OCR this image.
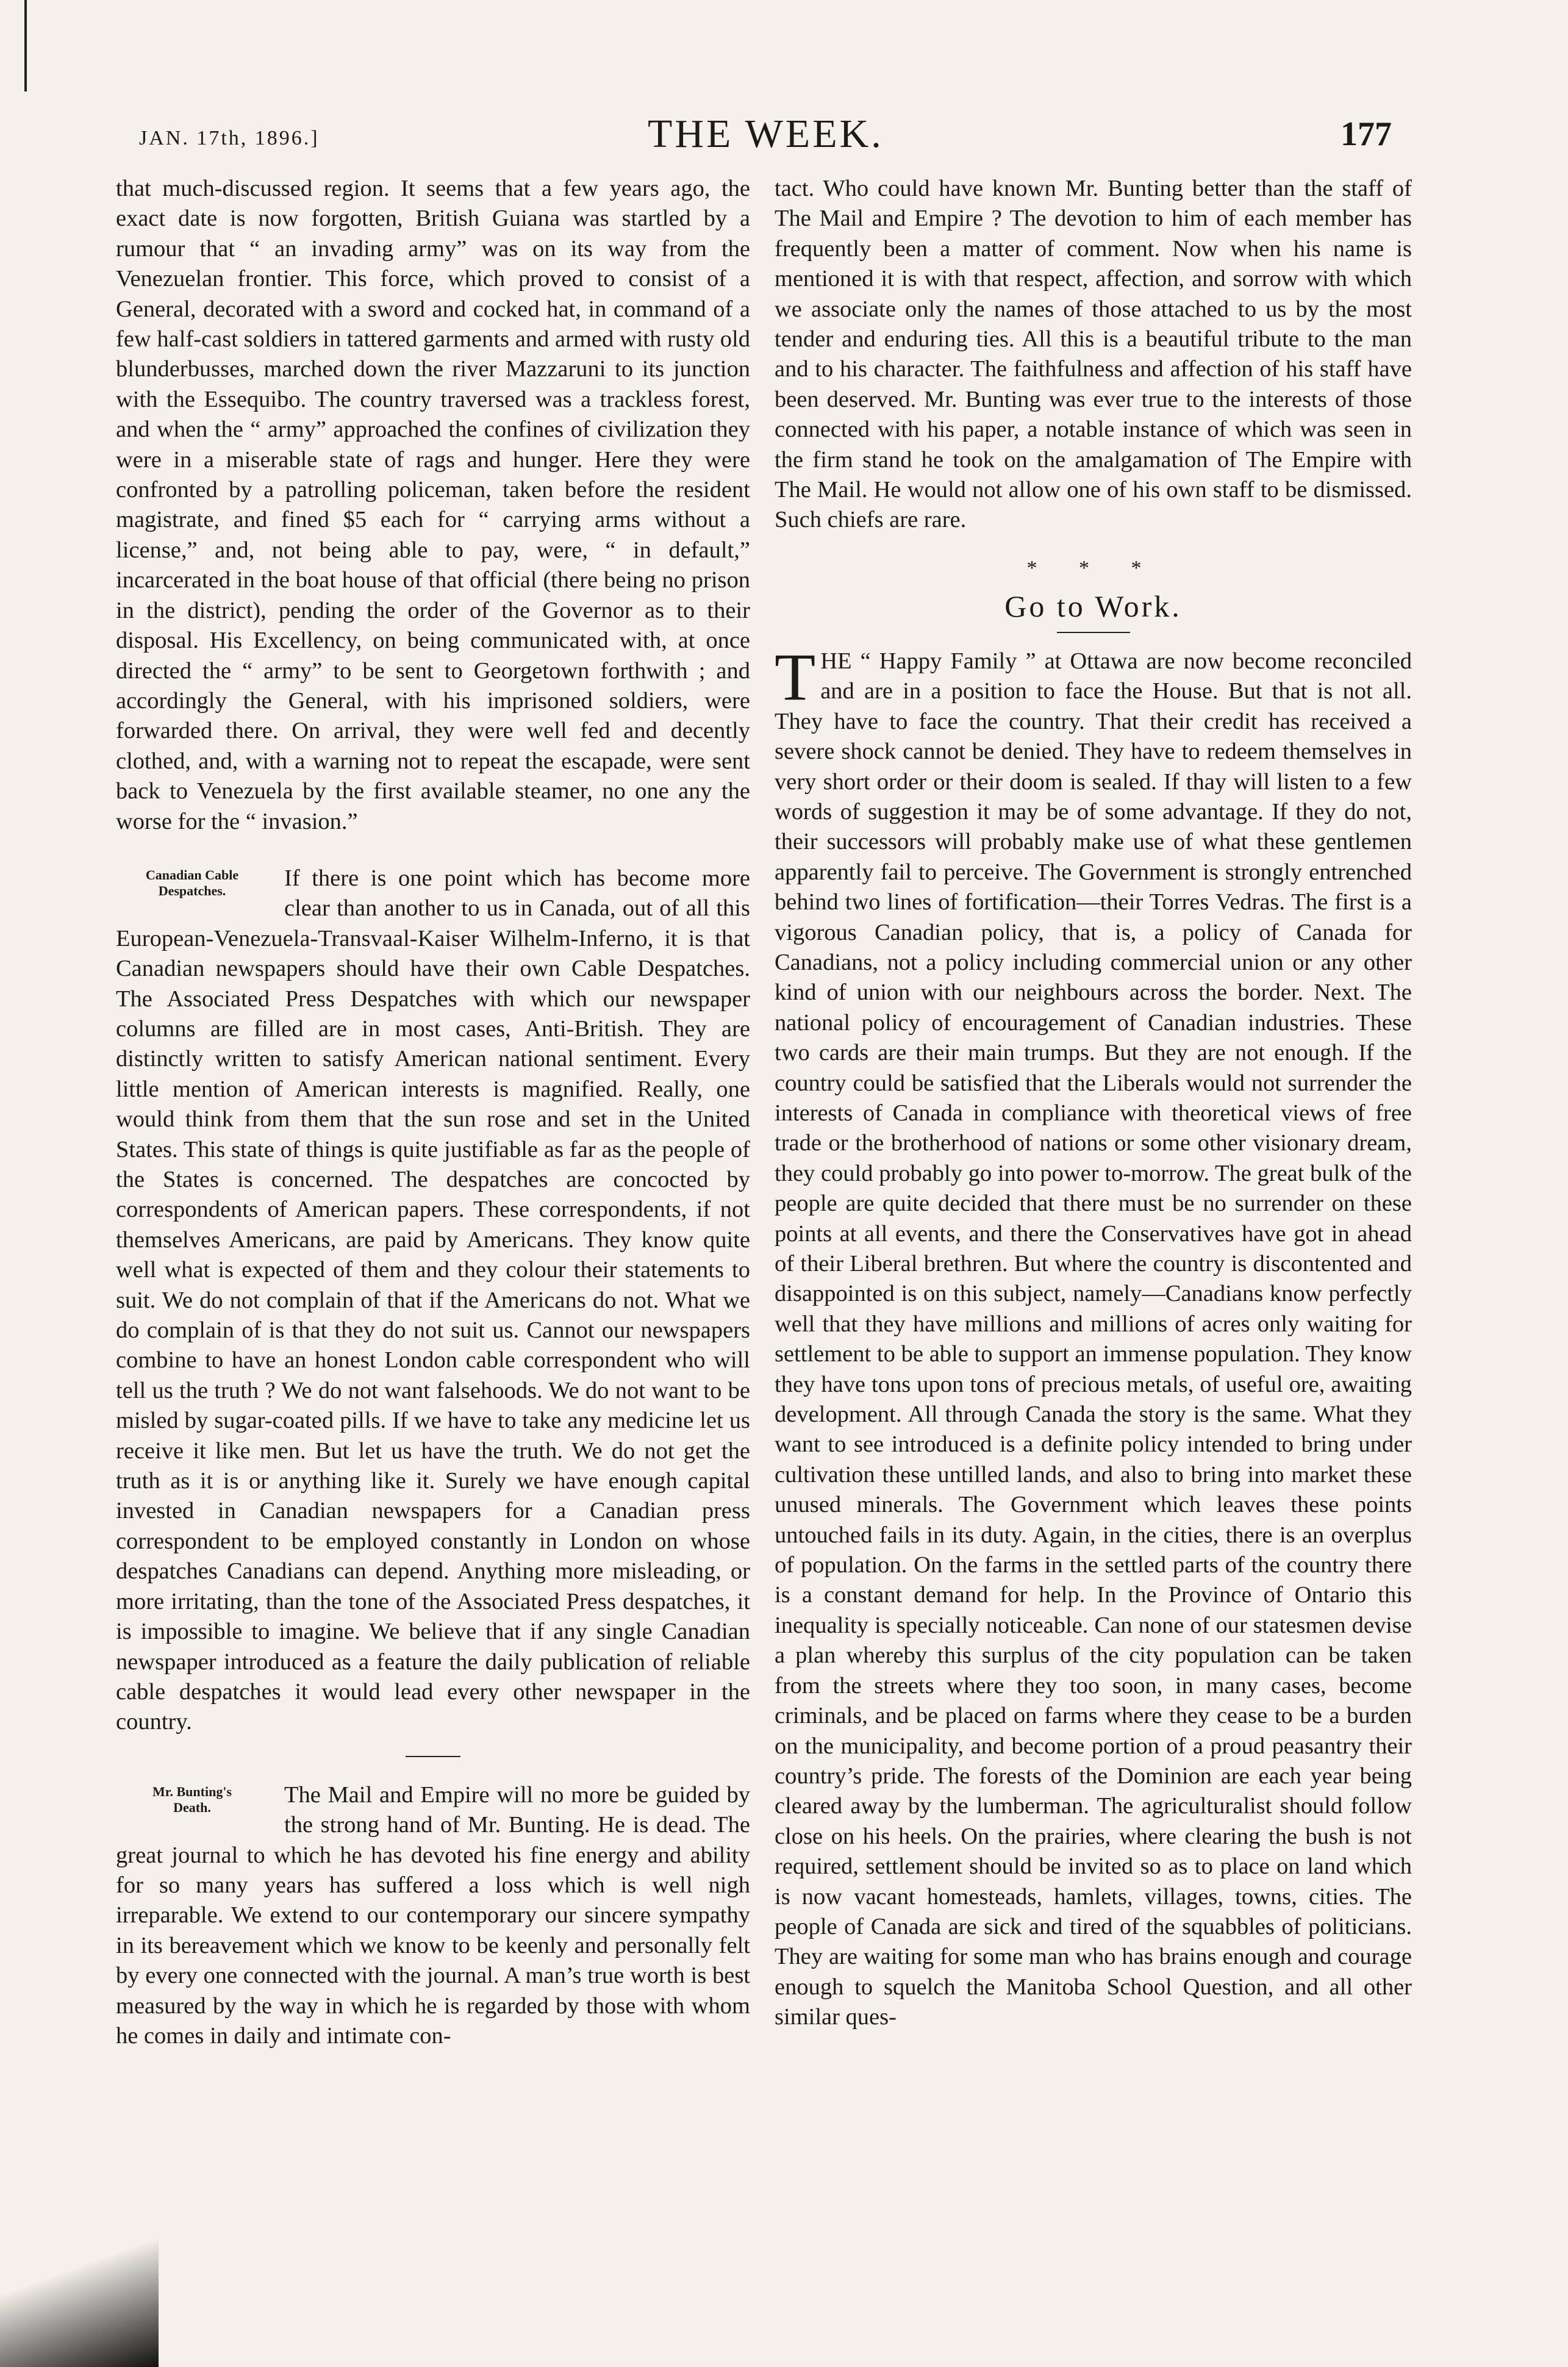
JAN. 17th, 1896.]	THE WEEK.	177

that much-discussed region. It seems that a few years ago, the exact date is now forgotten, British Guiana was startled by a rumour that “ an invading army” was on its way from the Venezuelan frontier. This force, which proved to consist of a General, decorated with a sword and cocked hat, in command of a few half-cast soldiers in tattered garments and armed with rusty old blunderbusses, marched down the river Mazzaruni to its junction with the Essequibo. The country traversed was a trackless forest, and when the “ army” approached the confines of civilization they were in a miserable state of rags and hunger. Here they were confronted by a patrolling policeman, taken before the resident magistrate, and fined $5 each for “ carrying arms without a license,” and, not being able to pay, were, “ in default,” incarcerated in the boat house of that official (there being no prison in the district), pending the order of the Governor as to their disposal. His Excellency, on being communicated with, at once directed the “ army” to be sent to Georgetown forthwith ; and accordingly the General, with his imprisoned soldiers, were forwarded there. On arrival, they were well fed and decently clothed, and, with a warning not to repeat the escapade, were sent back to Venezuela by the first available steamer, no one any the worse for the “ invasion.”

Canadian Cable
Despatches.	If there is one point which has become more clear than another to us in Canada, out of all this European-Venezuela-Transvaal-Kaiser Wilhelm-Inferno, it is that Canadian newspapers should have their own Cable Despatches. The Associated Press Despatches with which our newspaper columns are filled are in most cases, Anti-British. They are distinctly written to satisfy American national sentiment. Every little mention of American interests is magnified. Really, one would think from them that the sun rose and set in the United States. This state of things is quite justifiable as far as the people of the States is concerned. The despatches are concocted by correspondents of American papers. These correspondents, if not themselves Americans, are paid by Americans. They know quite well what is expected of them and they colour their statements to suit. We do not complain of that if the Americans do not. What we do complain of is that they do not suit us. Cannot our newspapers combine to have an honest London cable correspondent who will tell us the truth ? We do not want falsehoods. We do not want to be misled by sugar-coated pills. If we have to take any medicine let us receive it like men. But let us have the truth. We do not get the truth as it is or anything like it. Surely we have enough capital invested in Canadian newspapers for a Canadian press correspondent to be employed constantly in London on whose despatches Canadians can depend. Anything more misleading, or more irritating, than the tone of the Associated Press despatches, it is impossible to imagine. We believe that if any single Canadian newspaper introduced as a feature the daily publication of reliable cable despatches it would lead every other newspaper in the country.

Mr. Bunting's
Death.	The Mail and Empire will no more be guided by the strong hand of Mr. Bunting. He is dead. The great journal to which he has devoted his fine energy and ability for so many years has suffered a loss which is well nigh irreparable. We extend to our contemporary our sincere sympathy in its bereavement which we know to be keenly and personally felt by every one connected with the journal. A man’s true worth is best measured by the way in which he is regarded by those with whom he comes in daily and intimate con-

tact. Who could have known Mr. Bunting better than the staff of The Mail and Empire ? The devotion to him of each member has frequently been a matter of comment. Now when his name is mentioned it is with that respect, affection, and sorrow with which we associate only the names of those attached to us by the most tender and enduring ties. All this is a beautiful tribute to the man and to his character. The faithfulness and affection of his staff have been deserved. Mr. Bunting was ever true to the interests of those connected with his paper, a notable instance of which was seen in the firm stand he took on the amalgamation of The Empire with The Mail. He would not allow one of his own staff to be dismissed. Such chiefs are rare.

* * *
Go to Work.

THE “ Happy Family ” at Ottawa are now become reconciled and are in a position to face the House. But that is not all. They have to face the country. That their credit has received a severe shock cannot be denied. They have to redeem themselves in very short order or their doom is sealed. If thay will listen to a few words of suggestion it may be of some advantage. If they do not, their successors will probably make use of what these gentlemen apparently fail to perceive. The Government is strongly entrenched behind two lines of fortification—their Torres Vedras. The first is a vigorous Canadian policy, that is, a policy of Canada for Canadians, not a policy including commercial union or any other kind of union with our neighbours across the border. Next. The national policy of encouragement of Canadian industries. These two cards are their main trumps. But they are not enough. If the country could be satisfied that the Liberals would not surrender the interests of Canada in compliance with theoretical views of free trade or the brotherhood of nations or some other visionary dream, they could probably go into power to-morrow. The great bulk of the people are quite decided that there must be no surrender on these points at all events, and there the Conservatives have got in ahead of their Liberal brethren. But where the country is discontented and disappointed is on this subject, namely—Canadians know perfectly well that they have millions and millions of acres only waiting for settlement to be able to support an immense population. They know they have tons upon tons of precious metals, of useful ore, awaiting development. All through Canada the story is the same. What they want to see introduced is a definite policy intended to bring under cultivation these untilled lands, and also to bring into market these unused minerals. The Government which leaves these points untouched fails in its duty. Again, in the cities, there is an overplus of population. On the farms in the settled parts of the country there is a constant demand for help. In the Province of Ontario this inequality is specially noticeable. Can none of our statesmen devise a plan whereby this surplus of the city population can be taken from the streets where they too soon, in many cases, become criminals, and be placed on farms where they cease to be a burden on the municipality, and become portion of a proud peasantry their country’s pride. The forests of the Dominion are each year being cleared away by the lumberman. The agriculturalist should follow close on his heels. On the prairies, where clearing the bush is not required, settlement should be invited so as to place on land which is now vacant homesteads, hamlets, villages, towns, cities. The people of Canada are sick and tired of the squabbles of politicians. They are waiting for some man who has brains enough and courage enough to squelch the Manitoba School Question, and all other similar ques-
